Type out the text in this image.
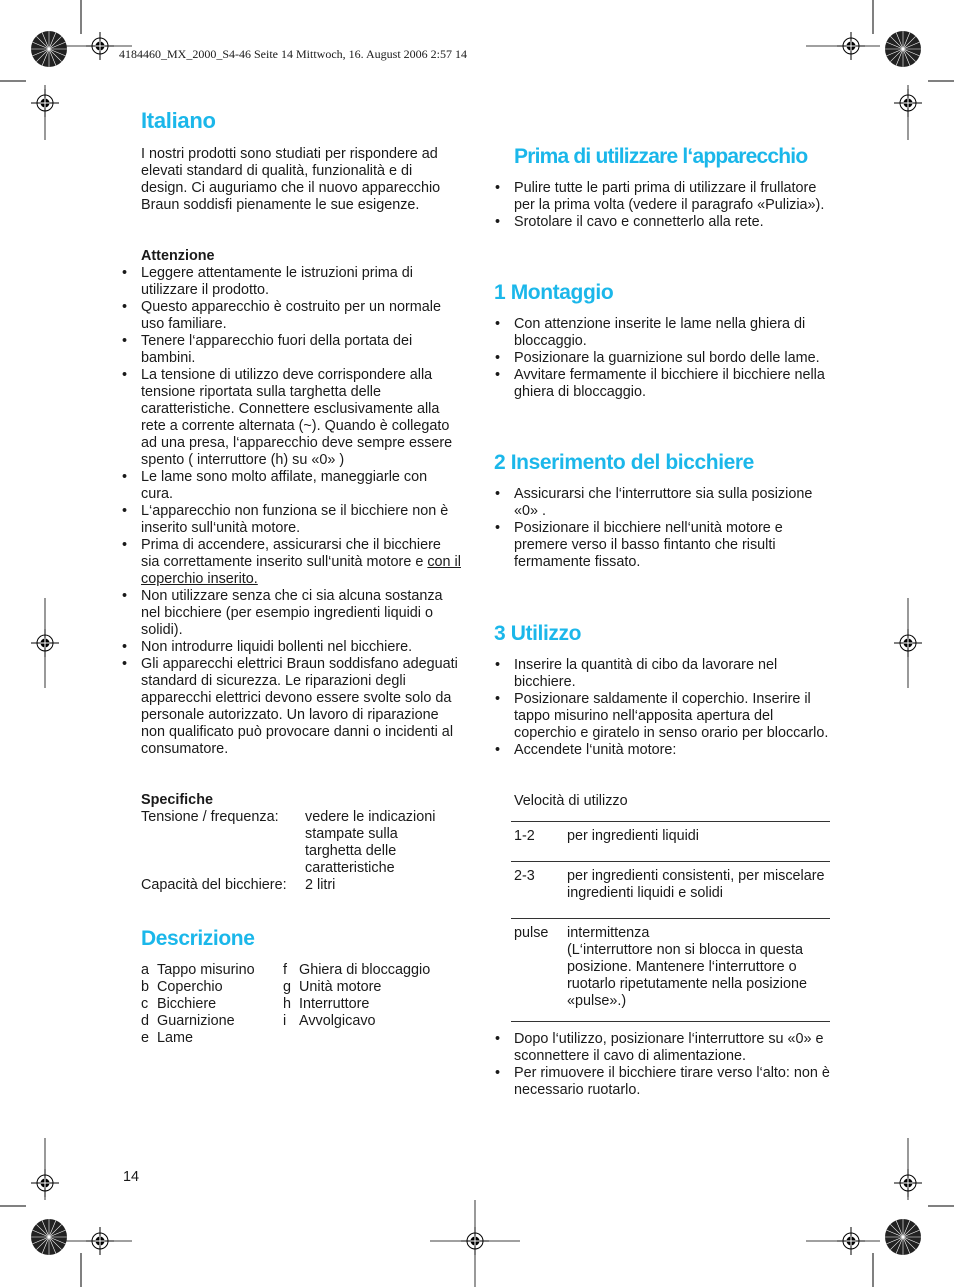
4184460_MX_2000_S4-46 Seite 14 Mittwoch, 16. August 2006 2:57 14
Italiano

I nostri prodotti sono studiati per rispondere ad elevati standard di qualità, funzionalità e di design. Ci auguriamo che il nuovo apparecchio Braun soddisfi pienamente le sue esigenze.

Attenzione

• Leggere attentamente le istruzioni prima di utilizzare il prodotto.
• Questo apparecchio è costruito per un normale uso familiare.
• Tenere l‘apparecchio fuori della portata dei bambini.
• La tensione di utilizzo deve corrispondere alla tensione riportata sulla targhetta delle caratteristiche. Connettere esclusivamente alla rete a corrente alternata (~). Quando è collegato ad una presa, l‘apparecchio deve sempre essere spento ( interruttore (h) su «0» )
• Le lame sono molto affilate, maneggiarle con cura.
• L‘apparecchio non funziona se il bicchiere non è inserito sull‘unità motore.
• Prima di accendere, assicurarsi che il bicchiere sia correttamente inserito sull‘unità motore e con il coperchio inserito.
• Non utilizzare senza che ci sia alcuna sostanza nel bicchiere (per esempio ingredienti liquidi o solidi).
• Non introdurre liquidi bollenti nel bicchiere.
• Gli apparecchi elettrici Braun soddisfano adeguati standard di sicurezza. Le riparazioni degli apparecchi elettrici devono essere svolte solo da personale autorizzato. Un lavoro di riparazione non qualificato può provocare danni o incidenti al consumatore.

Specifiche

Tensione / frequenza:	vedere le indicazioni stampate sulla targhetta delle caratteristiche
Capacità del bicchiere:	2 litri
Descrizione
a	Tappo misurino	f	Ghiera di bloccaggio
b	Coperchio	g	Unità motore
c	Bicchiere	h	Interruttore
d	Guarnizione	i	Avvolgicavo
e	Lame		
14
Prima di utilizzare l‘apparecchio
• Pulire tutte le parti prima di utilizzare il frullatore per la prima volta (vedere il paragrafo «Pulizia»).
• Srotolare il cavo e connetterlo alla rete.
1 Montaggio
• Con attenzione inserite le lame nella ghiera di bloccaggio.
• Posizionare la guarnizione sul bordo delle lame.
• Avvitare fermamente il bicchiere il bicchiere nella ghiera di bloccaggio.
2 Inserimento del bicchiere
• Assicurarsi che l‘interruttore sia sulla posizione «0» .
• Posizionare il bicchiere nell‘unità motore e premere verso il basso fintanto che risulti fermamente fissato.
3 Utilizzo
• Inserire la quantità di cibo da lavorare nel bicchiere.
• Posizionare saldamente il coperchio. Inserire il tappo misurino nell‘apposita apertura del coperchio e giratelo in senso orario per bloccarlo.
• Accendete l‘unità motore:

Velocità di utilizzo

1-2	per ingredienti liquidi
2-3	per ingredienti consistenti, per miscelare ingredienti liquidi e solidi
pulse	intermittenza
(L‘interruttore non si blocca in questa posizione. Mantenere l‘interruttore o ruotarlo ripetutamente nella posizione «pulse».)
• Dopo l‘utilizzo, posizionare l‘interruttore su «0» e sconnettere il cavo di alimentazione.
• Per rimuovere il bicchiere tirare verso l‘alto: non è necessario ruotarlo.
